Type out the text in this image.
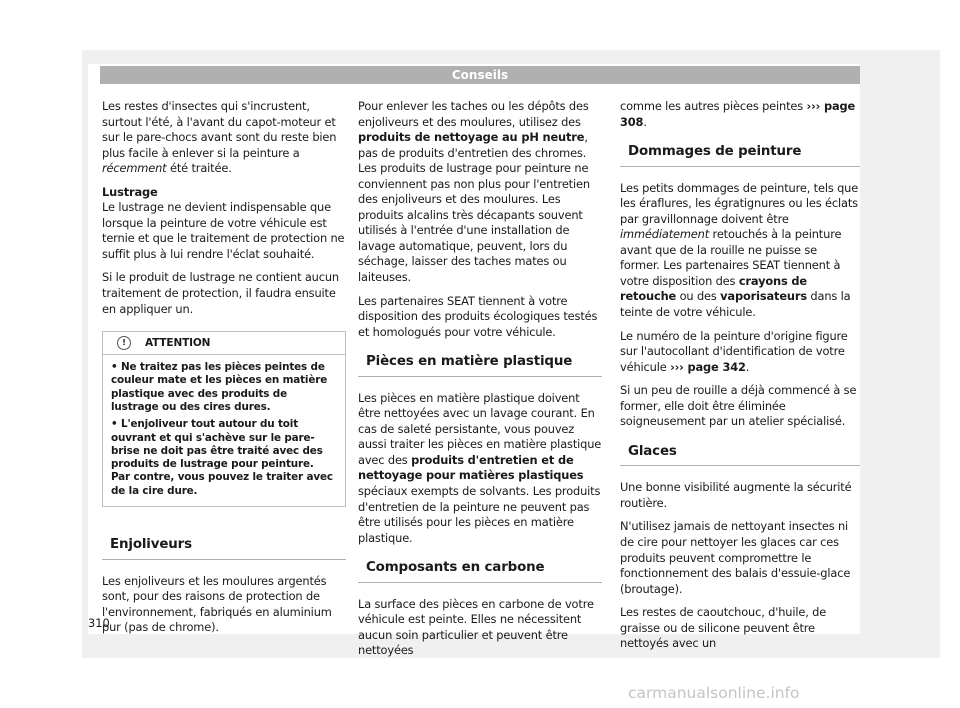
Conseils

Les restes d'insectes qui s'incrustent, surtout l'été, à l'avant du capot-moteur et sur le pare-chocs avant sont du reste bien plus facile à enlever si la peinture a récemment été traitée.

Lustrage

Le lustrage ne devient indispensable que lorsque la peinture de votre véhicule est ternie et que le traitement de protection ne suffit plus à lui rendre l'éclat souhaité.

Si le produit de lustrage ne contient aucun traitement de protection, il faudra ensuite en appliquer un.

! ATTENTION
• Ne traitez pas les pièces peintes de couleur mate et les pièces en matière plastique avec des produits de lustrage ou des cires dures.
• L'enjoliveur tout autour du toit ouvrant et qui s'achève sur le pare-brise ne doit pas être traité avec des produits de lustrage pour peinture. Par contre, vous pouvez le traiter avec de la cire dure.
Enjoliveurs

Les enjoliveurs et les moulures argentés sont, pour des raisons de protection de l'environnement, fabriqués en aluminium pur (pas de chrome).

Pour enlever les taches ou les dépôts des enjoliveurs et des moulures, utilisez des produits de nettoyage au pH neutre, pas de produits d'entretien des chromes. Les produits de lustrage pour peinture ne conviennent pas non plus pour l'entretien des enjoliveurs et des moulures. Les produits alcalins très décapants souvent utilisés à l'entrée d'une installation de lavage automatique, peuvent, lors du séchage, laisser des taches mates ou laiteuses.

Les partenaires SEAT tiennent à votre disposition des produits écologiques testés et homologués pour votre véhicule.

Pièces en matière plastique

Les pièces en matière plastique doivent être nettoyées avec un lavage courant. En cas de saleté persistante, vous pouvez aussi traiter les pièces en matière plastique avec des produits d'entretien et de nettoyage pour matières plastiques spéciaux exempts de solvants. Les produits d'entretien de la peinture ne peuvent pas être utilisés pour les pièces en matière plastique.

Composants en carbone

La surface des pièces en carbone de votre véhicule est peinte. Elles ne nécessitent aucun soin particulier et peuvent être nettoyées

comme les autres pièces peintes ››› page 308.

Dommages de peinture

Les petits dommages de peinture, tels que les éraflures, les égratignures ou les éclats par gravillonnage doivent être immédiatement retouchés à la peinture avant que de la rouille ne puisse se former. Les partenaires SEAT tiennent à votre disposition des crayons de retouche ou des vaporisateurs dans la teinte de votre véhicule.

Le numéro de la peinture d'origine figure sur l'autocollant d'identification de votre véhicule ››› page 342.

Si un peu de rouille a déjà commencé à se former, elle doit être éliminée soigneusement par un atelier spécialisé.

Glaces

Une bonne visibilité augmente la sécurité routière.

N'utilisez jamais de nettoyant insectes ni de cire pour nettoyer les glaces car ces produits peuvent compromettre le fonctionnement des balais d'essuie-glace (broutage).

Les restes de caoutchouc, d'huile, de graisse ou de silicone peuvent être nettoyés avec un

310
carmanualsonline.info
